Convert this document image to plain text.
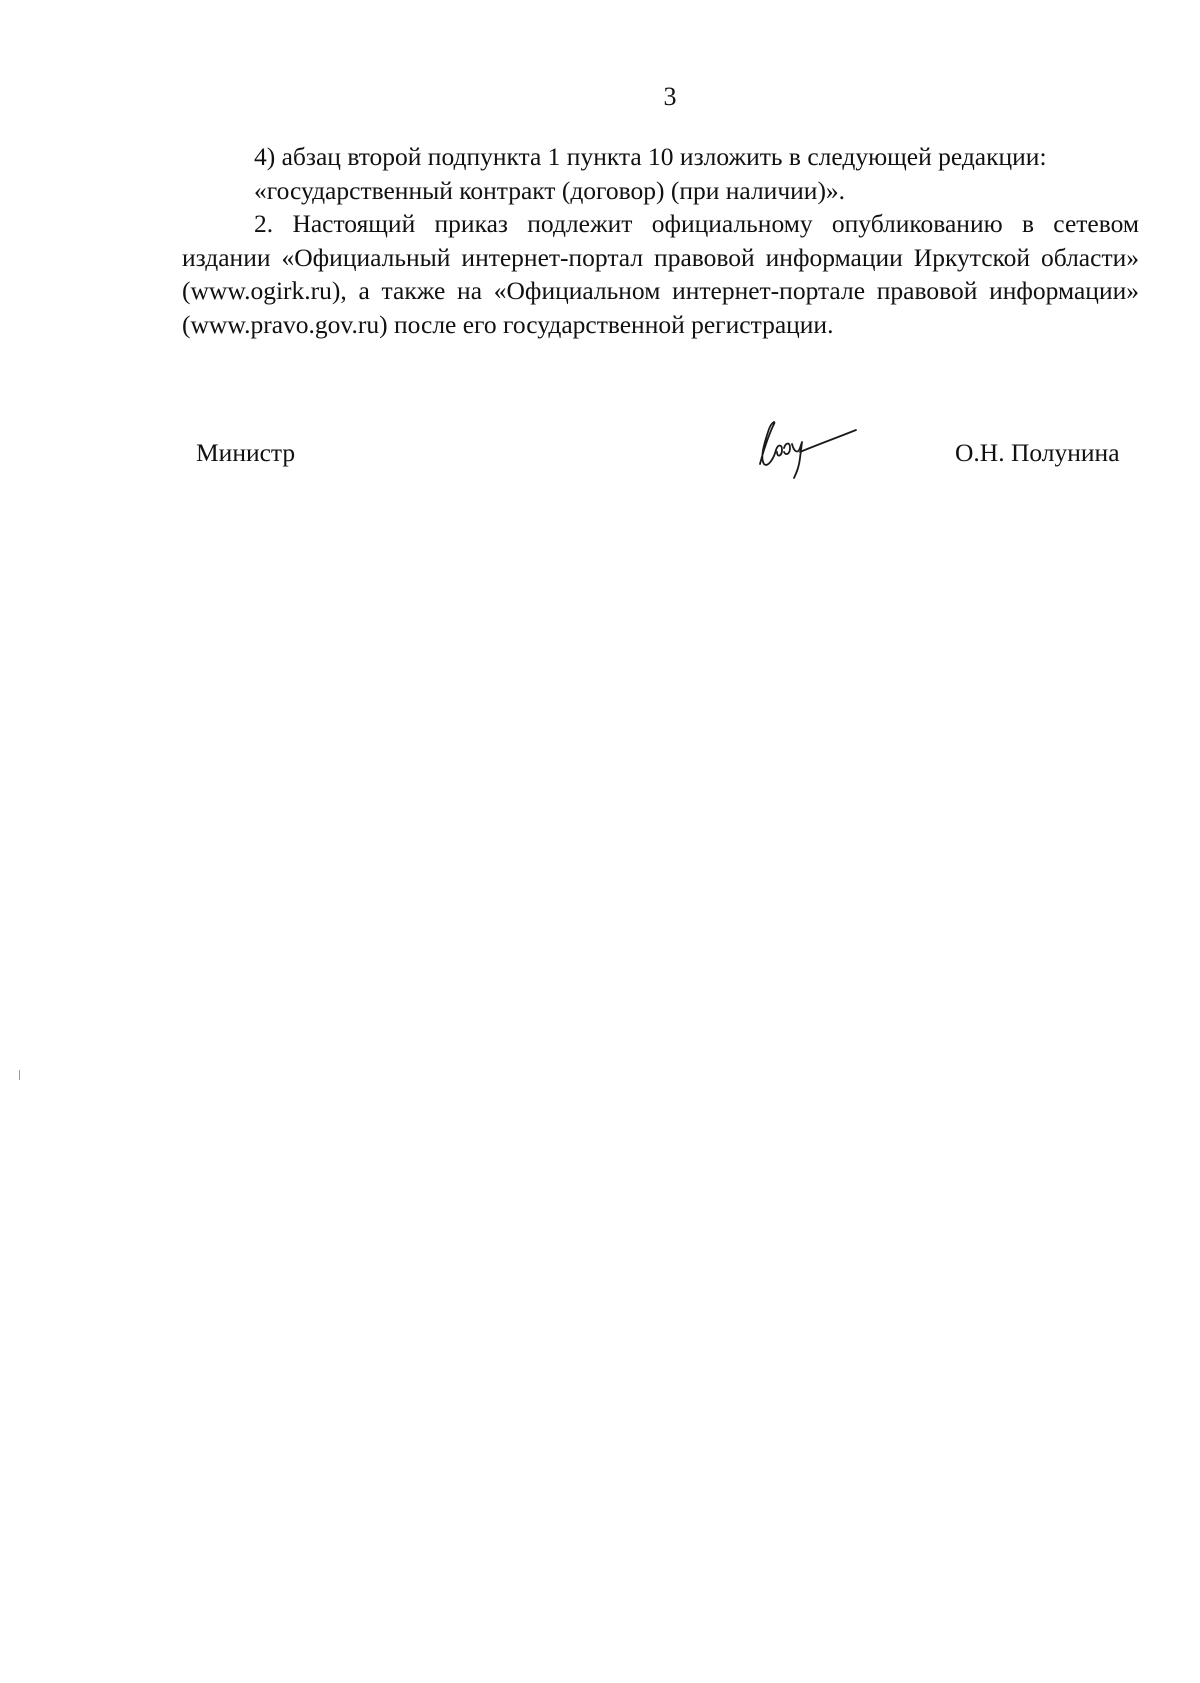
3

4) абзац второй подпункта 1 пункта 10 изложить в следующей редакции:

«государственный контракт (договор) (при наличии)».

2. Настоящий приказ подлежит официальному опубликованию в сетевом издании «Официальный интернет-портал правовой информации Иркутской области» (www.ogirk.ru), а также на «Официальном интернет-портале правовой информации» (www.pravo.gov.ru) после его государственной регистрации.

Министр	О.Н. Полунина
